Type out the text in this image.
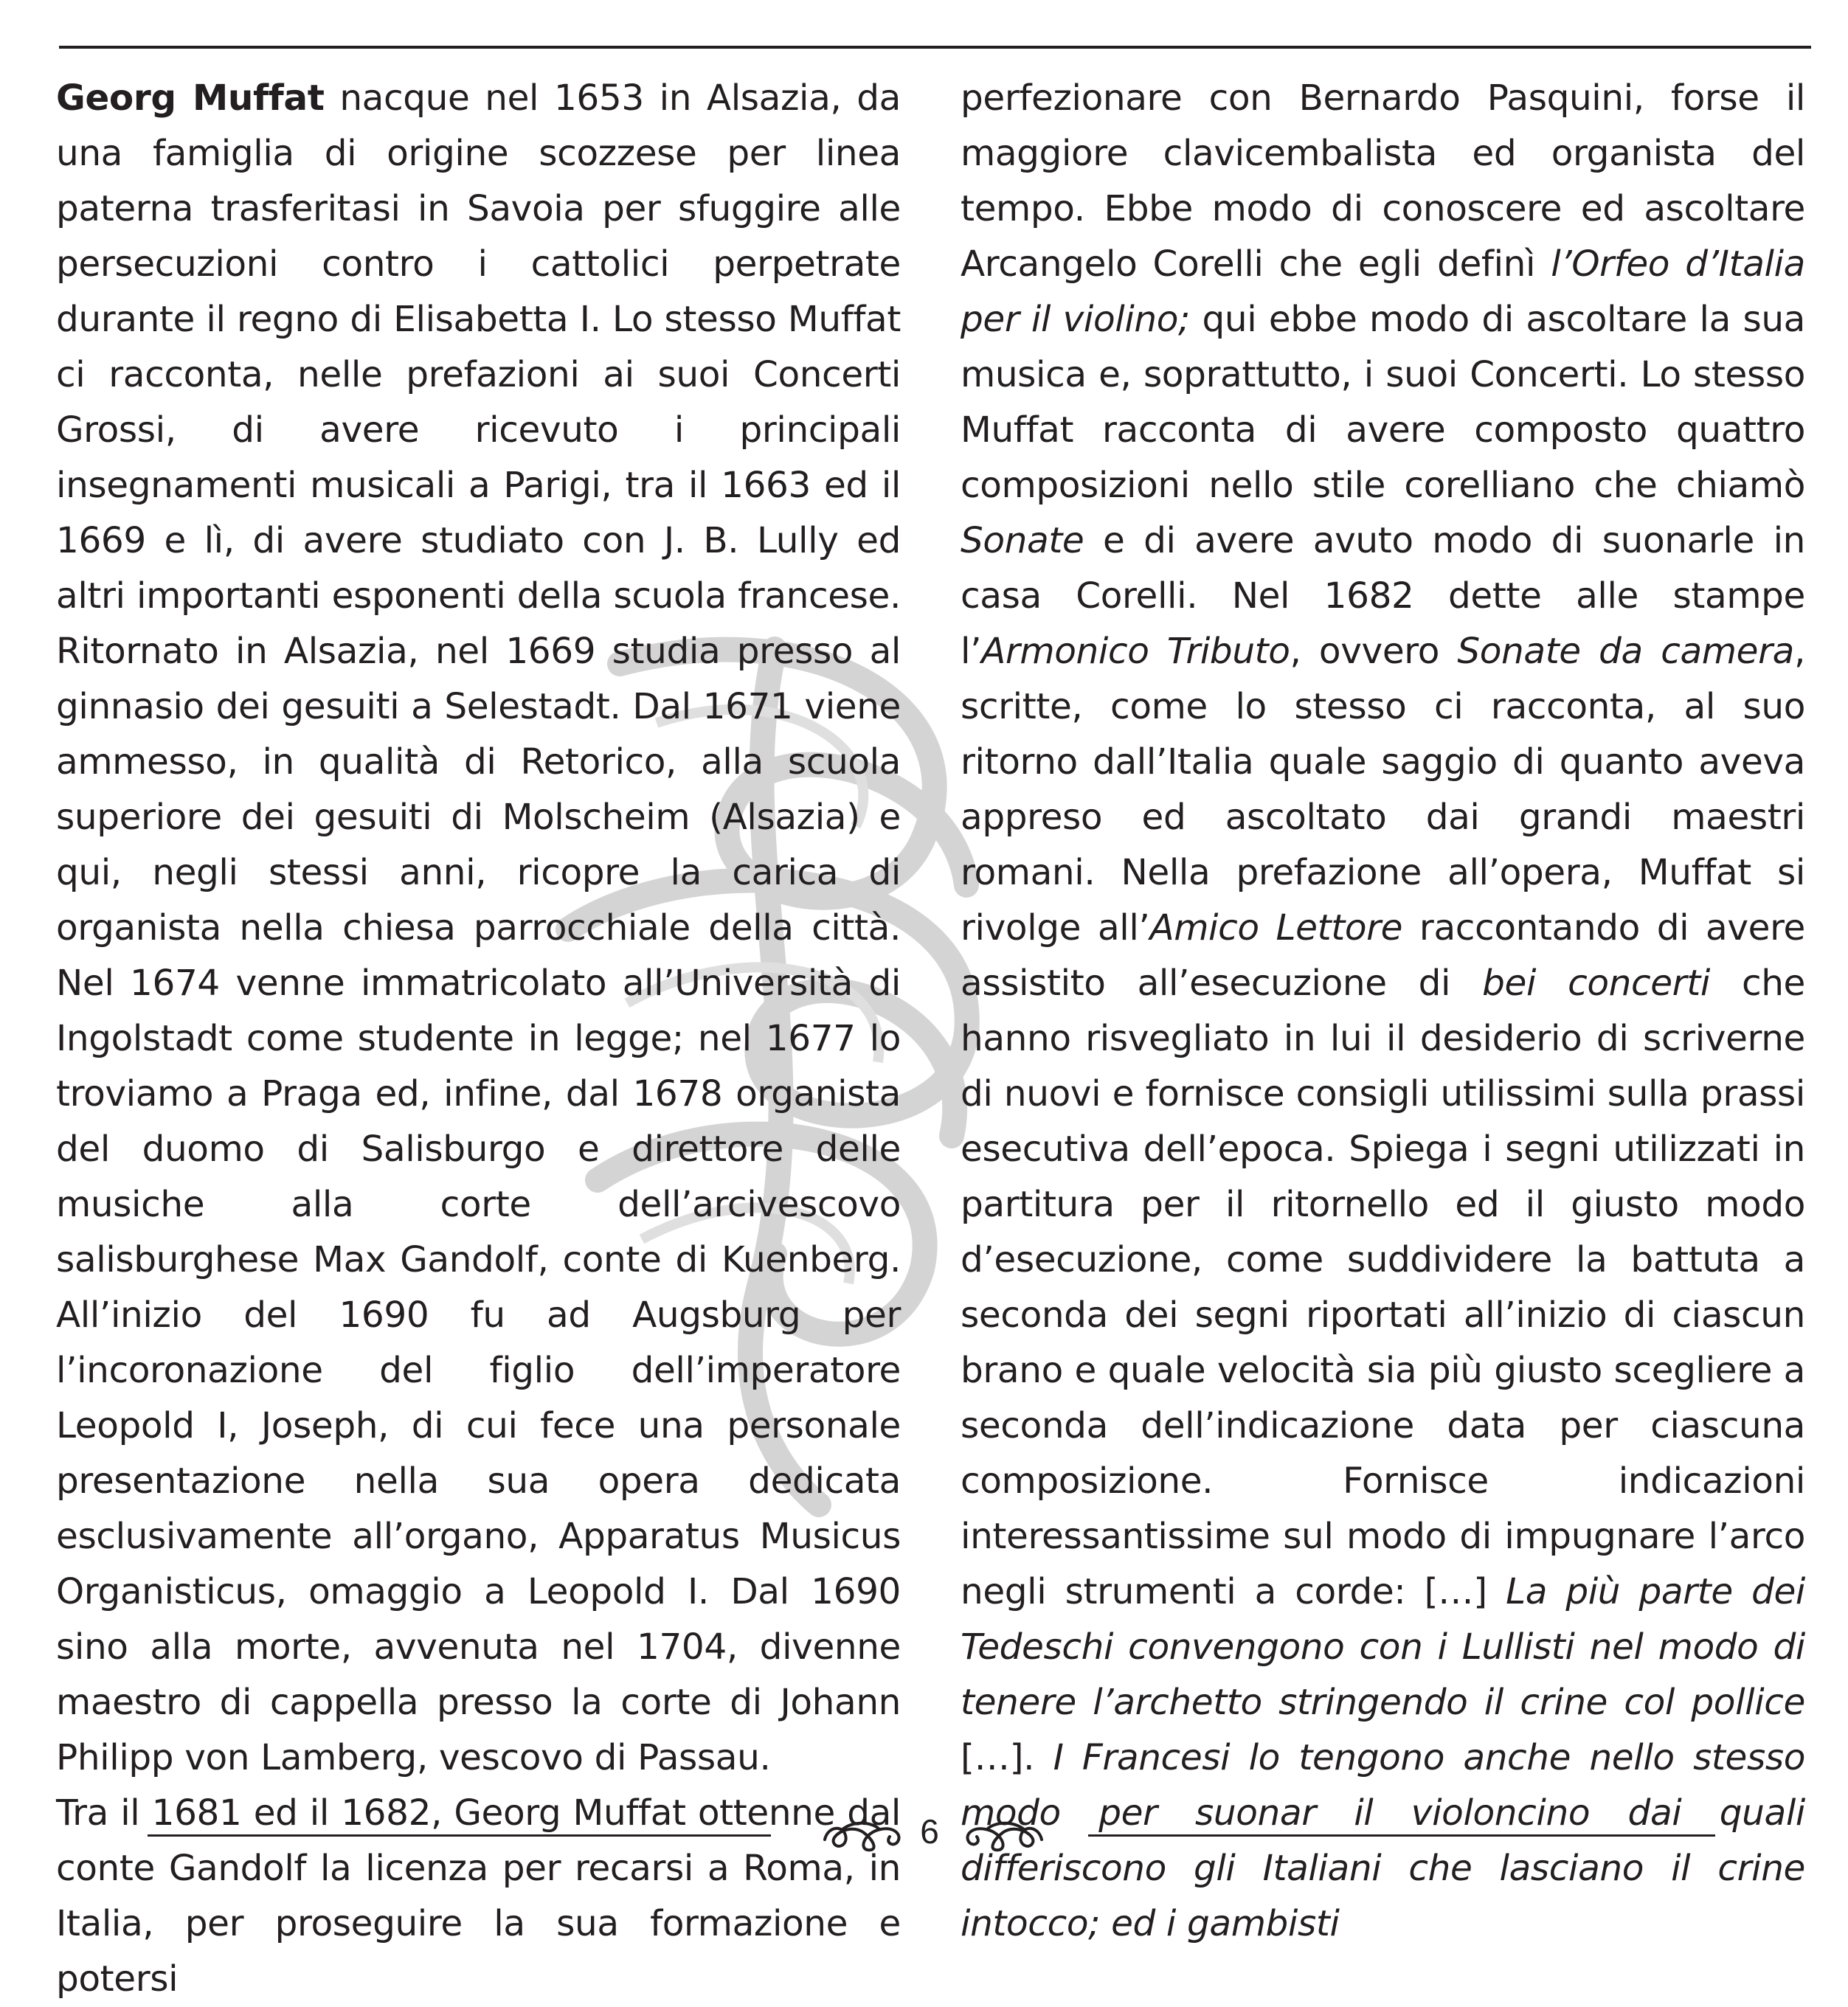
Georg Muffat nacque nel 1653 in Alsazia, da una famiglia di origine scozzese per linea paterna trasferitasi in Savoia per sfuggire alle persecuzioni contro i cattolici perpetrate durante il regno di Elisabetta I. Lo stesso Muffat ci racconta, nelle prefazioni ai suoi Concerti Grossi, di avere ricevuto i principali insegnamenti musicali a Parigi, tra il 1663 ed il 1669 e lì, di avere studiato con J. B. Lully ed altri importanti esponenti della scuola francese. Ritornato in Alsazia, nel 1669 studia presso al ginnasio dei gesuiti a Selestadt. Dal 1671 viene ammesso, in qualità di Retorico, alla scuola superiore dei gesuiti di Molscheim (Alsazia) e qui, negli stessi anni, ricopre la carica di organista nella chiesa parrocchiale della città. Nel 1674 venne immatricolato all’Università di Ingolstadt come studente in legge; nel 1677 lo troviamo a Praga ed, infine, dal 1678 organista del duomo di Salisburgo e direttore delle musiche alla corte dell’arcivescovo salisburghese Max Gandolf, conte di Kuenberg. All’inizio del 1690 fu ad Augsburg per l’incoronazione del figlio dell’imperatore Leopold I, Joseph, di cui fece una personale presentazione nella sua opera dedicata esclusivamente all’organo, Apparatus Musicus Organisticus, omaggio a Leopold I. Dal 1690 sino alla morte, avvenuta nel 1704, divenne maestro di cappella presso la corte di Johann Philipp von Lamberg, vescovo di Passau.

Tra il 1681 ed il 1682, Georg Muffat ottenne dal conte Gandolf la licenza per recarsi a Roma, in Italia, per proseguire la sua formazione e potersi

perfezionare con Bernardo Pasquini, forse il maggiore clavicembalista ed organista del tempo. Ebbe modo di conoscere ed ascoltare Arcangelo Corelli che egli definì l’Orfeo d’Italia per il violino; qui ebbe modo di ascoltare la sua musica e, soprattutto, i suoi Concerti. Lo stesso Muffat racconta di avere composto quattro composizioni nello stile corelliano che chiamò Sonate e di avere avuto modo di suonarle in casa Corelli. Nel 1682 dette alle stampe l’Armonico Tributo, ovvero Sonate da camera, scritte, come lo stesso ci racconta, al suo ritorno dall’Italia quale saggio di quanto aveva appreso ed ascoltato dai grandi maestri romani. Nella prefazione all’opera, Muffat si rivolge all’Amico Lettore raccontando di avere assistito all’esecuzione di bei concerti che hanno risvegliato in lui il desiderio di scriverne di nuovi e fornisce consigli utilissimi sulla prassi esecutiva dell’epoca. Spiega i segni utilizzati in partitura per il ritornello ed il giusto modo d’esecuzione, come suddividere la battuta a seconda dei segni riportati all’inizio di ciascun brano e quale velocità sia più giusto scegliere a seconda dell’indicazione data per ciascuna composizione. Fornisce indicazioni interessantissime sul modo di impugnare l’arco negli strumenti a corde: […] La più parte dei Tedeschi convengono con i Lullisti nel modo di tenere l’archetto stringendo il crine col pollice […]. I Francesi lo tengono anche nello stesso modo per suonar il violoncino dai quali differiscono gli Italiani che lasciano il crine intocco; ed i gambisti

6
